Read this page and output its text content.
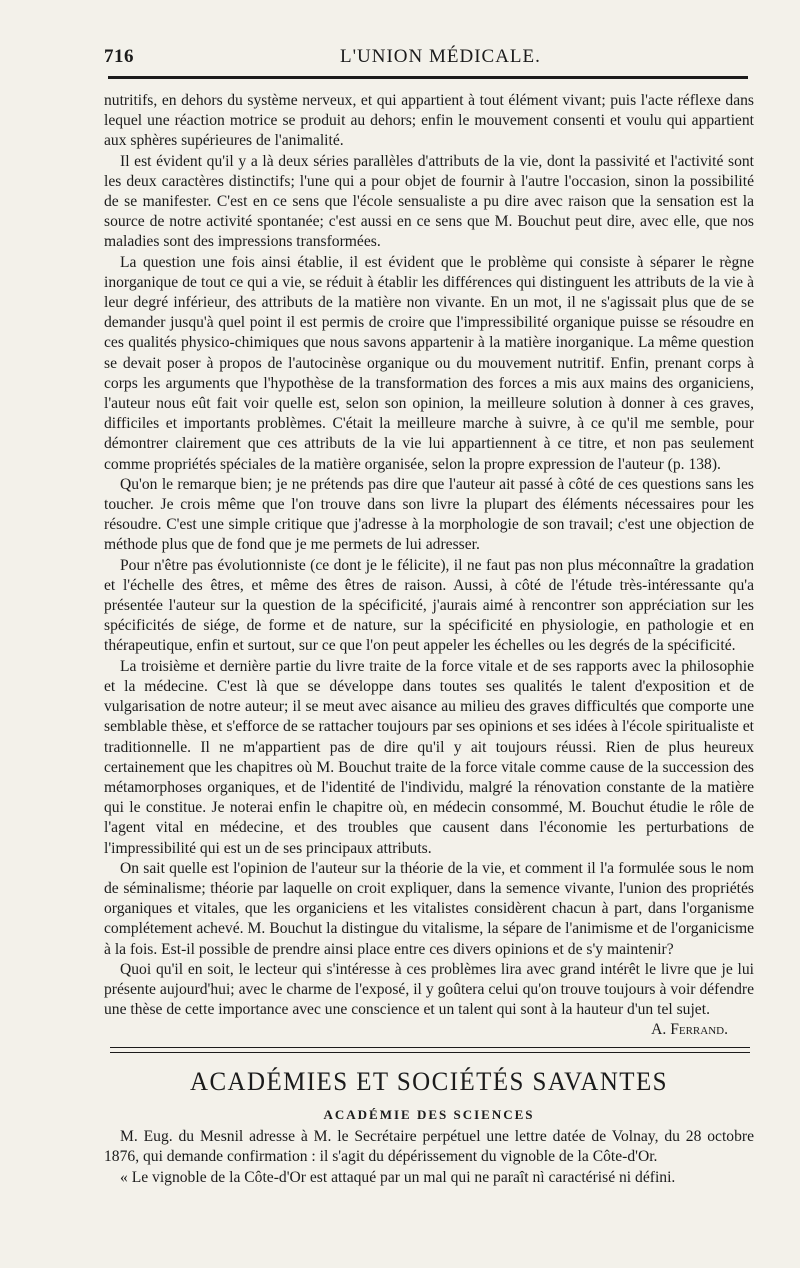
716	L'UNION MÉDICALE.

nutritifs, en dehors du système nerveux, et qui appartient à tout élément vivant; puis l'acte réflexe dans lequel une réaction motrice se produit au dehors; enfin le mouvement consenti et voulu qui appartient aux sphères supérieures de l'animalité.

Il est évident qu'il y a là deux séries parallèles d'attributs de la vie, dont la passivité et l'activité sont les deux caractères distinctifs; l'une qui a pour objet de fournir à l'autre l'occasion, sinon la possibilité de se manifester. C'est en ce sens que l'école sensualiste a pu dire avec raison que la sensation est la source de notre activité spontanée; c'est aussi en ce sens que M. Bouchut peut dire, avec elle, que nos maladies sont des impressions transformées.

La question une fois ainsi établie, il est évident que le problème qui consiste à séparer le règne inorganique de tout ce qui a vie, se réduit à établir les différences qui distinguent les attributs de la vie à leur degré inférieur, des attributs de la matière non vivante. En un mot, il ne s'agissait plus que de se demander jusqu'à quel point il est permis de croire que l'impressibilité organique puisse se résoudre en ces qualités physico-chimiques que nous savons appartenir à la matière inorganique. La même question se devait poser à propos de l'autocinèse organique ou du mouvement nutritif. Enfin, prenant corps à corps les arguments que l'hypothèse de la transformation des forces a mis aux mains des organiciens, l'auteur nous eût fait voir quelle est, selon son opinion, la meilleure solution à donner à ces graves, difficiles et importants problèmes. C'était la meilleure marche à suivre, à ce qu'il me semble, pour démontrer clairement que ces attributs de la vie lui appartiennent à ce titre, et non pas seulement comme propriétés spéciales de la matière organisée, selon la propre expression de l'auteur (p. 138).

Qu'on le remarque bien; je ne prétends pas dire que l'auteur ait passé à côté de ces questions sans les toucher. Je crois même que l'on trouve dans son livre la plupart des éléments nécessaires pour les résoudre. C'est une simple critique que j'adresse à la morphologie de son travail; c'est une objection de méthode plus que de fond que je me permets de lui adresser.

Pour n'être pas évolutionniste (ce dont je le félicite), il ne faut pas non plus méconnaître la gradation et l'échelle des êtres, et même des êtres de raison. Aussi, à côté de l'étude très-intéressante qu'a présentée l'auteur sur la question de la spécificité, j'aurais aimé à rencontrer son appréciation sur les spécificités de siége, de forme et de nature, sur la spécificité en physiologie, en pathologie et en thérapeutique, enfin et surtout, sur ce que l'on peut appeler les échelles ou les degrés de la spécificité.

La troisième et dernière partie du livre traite de la force vitale et de ses rapports avec la philosophie et la médecine. C'est là que se développe dans toutes ses qualités le talent d'exposition et de vulgarisation de notre auteur; il se meut avec aisance au milieu des graves difficultés que comporte une semblable thèse, et s'efforce de se rattacher toujours par ses opinions et ses idées à l'école spiritualiste et traditionnelle. Il ne m'appartient pas de dire qu'il y ait toujours réussi. Rien de plus heureux certainement que les chapitres où M. Bouchut traite de la force vitale comme cause de la succession des métamorphoses organiques, et de l'identité de l'individu, malgré la rénovation constante de la matière qui le constitue. Je noterai enfin le chapitre où, en médecin consommé, M. Bouchut étudie le rôle de l'agent vital en médecine, et des troubles que causent dans l'économie les perturbations de l'impressibilité qui est un de ses principaux attributs.

On sait quelle est l'opinion de l'auteur sur la théorie de la vie, et comment il l'a formulée sous le nom de séminalisme; théorie par laquelle on croit expliquer, dans la semence vivante, l'union des propriétés organiques et vitales, que les organiciens et les vitalistes considèrent chacun à part, dans l'organisme complétement achevé. M. Bouchut la distingue du vitalisme, la sépare de l'animisme et de l'organicisme à la fois. Est-il possible de prendre ainsi place entre ces divers opinions et de s'y maintenir?

Quoi qu'il en soit, le lecteur qui s'intéresse à ces problèmes lira avec grand intérêt le livre que je lui présente aujourd'hui; avec le charme de l'exposé, il y goûtera celui qu'on trouve toujours à voir défendre une thèse de cette importance avec une conscience et un talent qui sont à la hauteur d'un tel sujet.

A. Ferrand.
ACADÉMIES ET SOCIÉTÉS SAVANTES
ACADÉMIE DES SCIENCES

M. Eug. du Mesnil adresse à M. le Secrétaire perpétuel une lettre datée de Volnay, du 28 octobre 1876, qui demande confirmation : il s'agit du dépérissement du vignoble de la Côte-d'Or.

« Le vignoble de la Côte-d'Or est attaqué par un mal qui ne paraît nì caractérisé ni défini.
